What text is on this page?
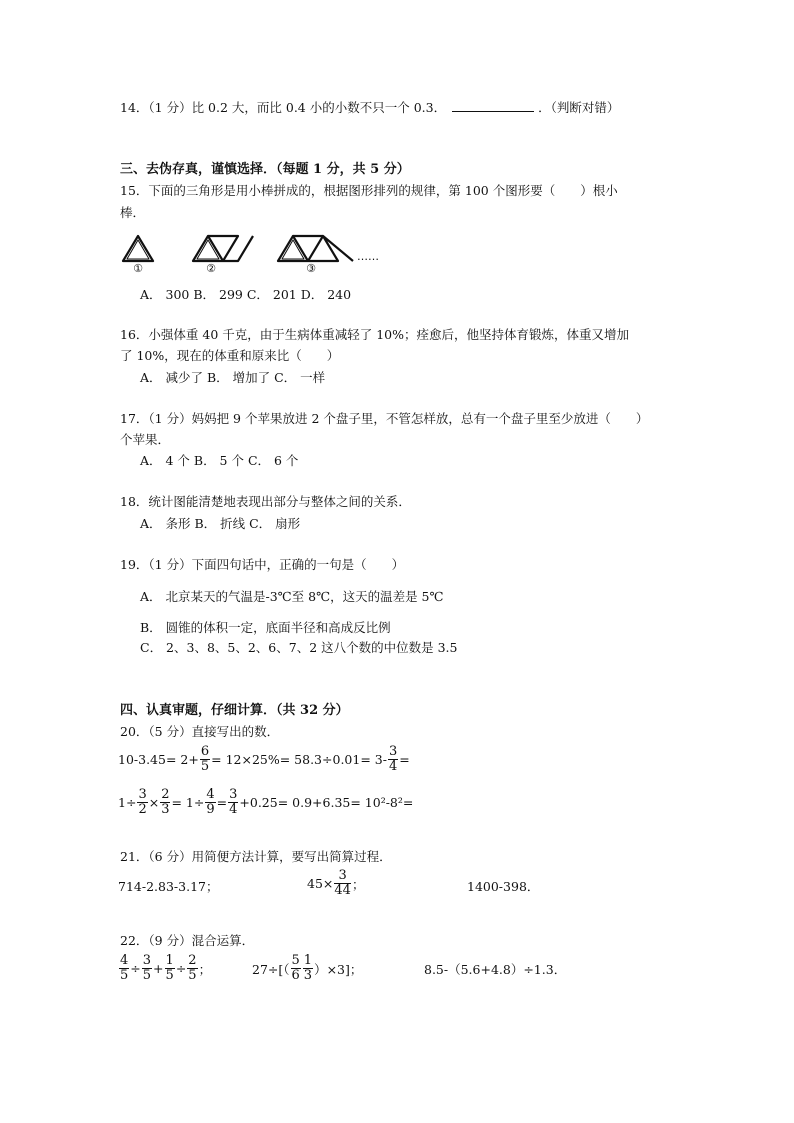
14．（1 分）比 0.2 大，而比 0.4 小的小数不只一个 0.3．	．（判断对错）
三、去伪存真，谨慎选择．（每题 1 分，共 5 分）
15．下面的三角形是用小棒拼成的，根据图形排列的规律，第 100 个图形要（　　）根小
棒．
①	②	③
……
A． 300 B． 299 C． 201 D． 240
16．小强体重 40 千克，由于生病体重减轻了 10%；痊愈后，他坚持体育锻炼，体重又增加
了 10%，现在的体重和原来比（　　）
A． 减少了 B． 增加了 C． 一样
17．（1 分）妈妈把 9 个苹果放进 2 个盘子里，不管怎样放，总有一个盘子里至少放进（　　）
个苹果．
A． 4 个 B． 5 个 C． 6 个
18．统计图能清楚地表现出部分与整体之间的关系．
A． 条形 B． 折线 C． 扇形
19．（1 分）下面四句话中，正确的一句是（　　）
A． 北京某天的气温是-3℃至 8℃，这天的温差是 5℃
B． 圆锥的体积一定，底面半径和高成反比例
C． 2、3、8、5、2、6、7、2 这八个数的中位数是 3.5
四、认真审题，仔细计算．（共 32 分）
20．（5 分）直接写出的数．
$10-3.45= 2+ \frac{6}{5} = 12\times 25\%= 58.3\div 0.01= 3- \frac{3}{4}$ =
$1\div \frac{3}{2} \times \frac{2}{3} = 1\div \frac{4}{9} = \frac{3}{4} +0.25= 0.9+6.35= 10^2-8^2=$
21．（6 分）用简便方法计算，要写出简算过程．
714-2.83-3.17；	$45\times \frac{3}{44}$ ；	1400-398．
22．（9 分）混合运算．
$\frac{4}{5} \div \frac{3}{5} + \frac{1}{5} \div \frac{2}{5}$ ；	$27\div[( \frac{5}{6} \frac{1}{3} )\times 3]$；	8.5-（5.6+4.8）÷1.3．
